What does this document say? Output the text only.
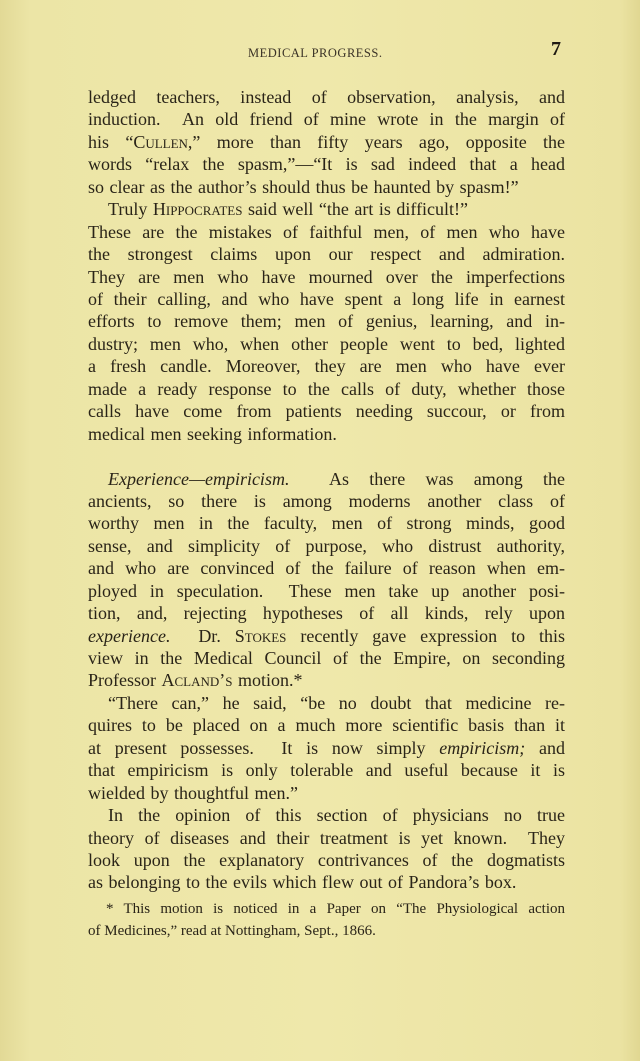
MEDICAL PROGRESS.	7
ledged teachers, instead of observation, analysis, and
induction.  An old friend of mine wrote in the margin of
his “Cullen,” more than fifty years ago, opposite the
words “relax the spasm,”—“It is sad indeed that a head
so clear as the author’s should thus be haunted by spasm!”
Truly Hippocrates said well “the art is difficult!”
These are the mistakes of faithful men, of men who have
the strongest claims upon our respect and admiration.
They are men who have mourned over the imperfections
of their calling, and who have spent a long life in earnest
efforts to remove them; men of genius, learning, and in-
dustry; men who, when other people went to bed, lighted
a fresh candle. Moreover, they are men who have ever
made a ready response to the calls of duty, whether those
calls have come from patients needing succour, or from
medical men seeking information.
Experience—empiricism.  As there was among the
ancients, so there is among moderns another class of
worthy men in the faculty, men of strong minds, good
sense, and simplicity of purpose, who distrust authority,
and who are convinced of the failure of reason when em-
ployed in speculation.  These men take up another posi-
tion, and, rejecting hypotheses of all kinds, rely upon
experience.  Dr. Stokes recently gave expression to this
view in the Medical Council of the Empire, on seconding
Professor Acland’s motion.*
“There can,” he said, “be no doubt that medicine re-
quires to be placed on a much more scientific basis than it
at present possesses.  It is now simply empiricism; and
that empiricism is only tolerable and useful because it is
wielded by thoughtful men.”
In the opinion of this section of physicians no true
theory of diseases and their treatment is yet known.  They
look upon the explanatory contrivances of the dogmatists
as belonging to the evils which flew out of Pandora’s box.
* This motion is noticed in a Paper on “The Physiological action
of Medicines,” read at Nottingham, Sept., 1866.
